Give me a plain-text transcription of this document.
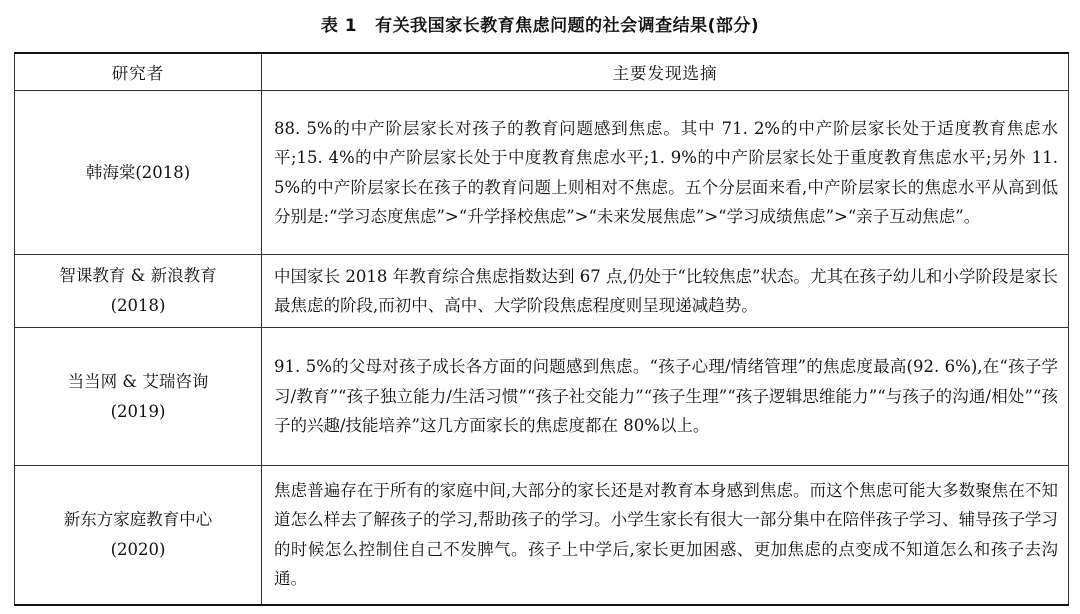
表 1 有关我国家长教育焦虑问题的社会调查结果(部分)
研究者	主要发现选摘

韩海棠(2018)	88. 5%的中产阶层家长对孩子的教育问题感到焦虑。其中 71. 2%的中产阶层家长处于适度教育焦虑水平;15. 4%的中产阶层家长处于中度教育焦虑水平;1. 9%的中产阶层家长处于重度教育焦虑水平;另外 11. 5%的中产阶层家长在孩子的教育问题上则相对不焦虑。五个分层面来看,中产阶层家长的焦虑水平从高到低分别是:“学习态度焦虑”>“升学择校焦虑”>“未来发展焦虑”>“学习成绩焦虑”>“亲子互动焦虑”。

智课教育 & 新浪教育
(2018)	中国家长 2018 年教育综合焦虑指数达到 67 点,仍处于“比较焦虑”状态。尤其在孩子幼儿和小学阶段是家长最焦虑的阶段,而初中、高中、大学阶段焦虑程度则呈现递减趋势。

当当网 & 艾瑞咨询
(2019)	91. 5%的父母对孩子成长各方面的问题感到焦虑。“孩子心理/情绪管理”的焦虑度最高(92. 6%),在“孩子学习/教育”“孩子独立能力/生活习惯”“孩子社交能力”“孩子生理”“孩子逻辑思维能力”“与孩子的沟通/相处”“孩子的兴趣/技能培养”这几方面家长的焦虑度都在 80%以上。

新东方家庭教育中心
(2020)	焦虑普遍存在于所有的家庭中间,大部分的家长还是对教育本身感到焦虑。而这个焦虑可能大多数聚焦在不知道怎么样去了解孩子的学习,帮助孩子的学习。小学生家长有很大一部分集中在陪伴孩子学习、辅导孩子学习的时候怎么控制住自己不发脾气。孩子上中学后,家长更加困惑、更加焦虑的点变成不知道怎么和孩子去沟通。
